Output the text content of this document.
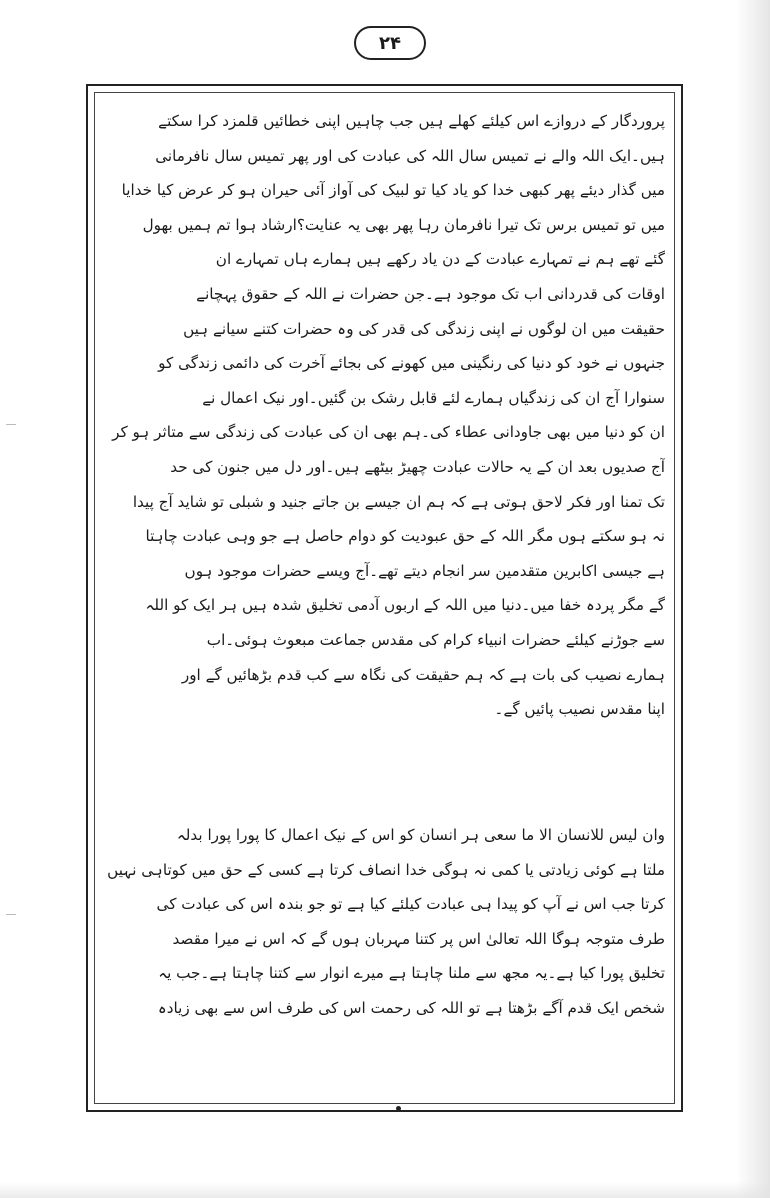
۲۴
پروردگار کے دروازے اس کیلئے کھلے ہیں جب چاہیں اپنی خطائیں قلمزد کرا سکتے
ہیں۔ایک اللہ والے نے تمیس سال اللہ کی عبادت کی اور پھر تمیس سال نافرمانی
میں گذار دیئے پھر کبھی خدا کو یاد کیا تو لبیک کی آواز آئی حیران ہو کر عرض کیا خدایا
میں تو تمیس برس تک تیرا نافرمان رہا پھر بھی یہ عنایت؟ارشاد ہوا تم ہمیں بھول
گئے تھے ہم نے تمہارے عبادت کے دن یاد رکھے ہیں ہمارے ہاں تمہارے ان
اوقات کی قدردانی اب تک موجود ہے۔جن حضرات نے اللہ کے حقوق پہچانے
حقیقت میں ان لوگوں نے اپنی زندگی کی قدر کی وہ حضرات کتنے سیانے ہیں
جنہوں نے خود کو دنیا کی رنگینی میں کھونے کی بجائے آخرت کی دائمی زندگی کو
سنوارا آج ان کی زندگیاں ہمارے لئے قابل رشک بن گئیں۔اور نیک اعمال نے
ان کو دنیا میں بھی جاودانی عطاء کی۔ہم بھی ان کی عبادت کی زندگی سے متاثر ہو کر
آج صدیوں بعد ان کے یہ حالات عبادت چھیڑ بیٹھے ہیں۔اور دل میں جنون کی حد
تک تمنا اور فکر لاحق ہوتی ہے کہ ہم ان جیسے بن جاتے جنید و شبلی تو شاید آج پیدا
نہ ہو سکتے ہوں مگر اللہ کے حق عبودیت کو دوام حاصل ہے جو وہی عبادت چاہتا
ہے جیسی اکابرین متقدمین سر انجام دیتے تھے۔آج ویسے حضرات موجود ہوں
گے مگر پردہ خفا میں۔دنیا میں اللہ کے اربوں آدمی تخلیق شدہ ہیں ہر ایک کو اللہ
سے جوڑنے کیلئے حضرات انبیاء کرام کی مقدس جماعت مبعوث ہوئی۔اب
ہمارے نصیب کی بات ہے کہ ہم حقیقت کی نگاہ سے کب قدم بڑھائیں گے اور
اپنا مقدس نصیب پائیں گے۔
وان لیس للانسان الا ما سعی ہر انسان کو اس کے نیک اعمال کا پورا پورا بدلہ
ملتا ہے کوئی زیادتی یا کمی نہ ہوگی خدا انصاف کرتا ہے کسی کے حق میں کوتاہی نہیں
کرتا جب اس نے آپ کو پیدا ہی عبادت کیلئے کیا ہے تو جو بندہ اس کی عبادت کی
طرف متوجہ ہوگا اللہ تعالیٰ اس پر کتنا مہربان ہوں گے کہ اس نے میرا مقصد
تخلیق پورا کیا ہے۔یہ مجھ سے ملنا چاہتا ہے میرے انوار سے کتنا چاہتا ہے۔جب یہ
شخص ایک قدم آگے بڑھتا ہے تو اللہ کی رحمت اس کی طرف اس سے بھی زیادہ
